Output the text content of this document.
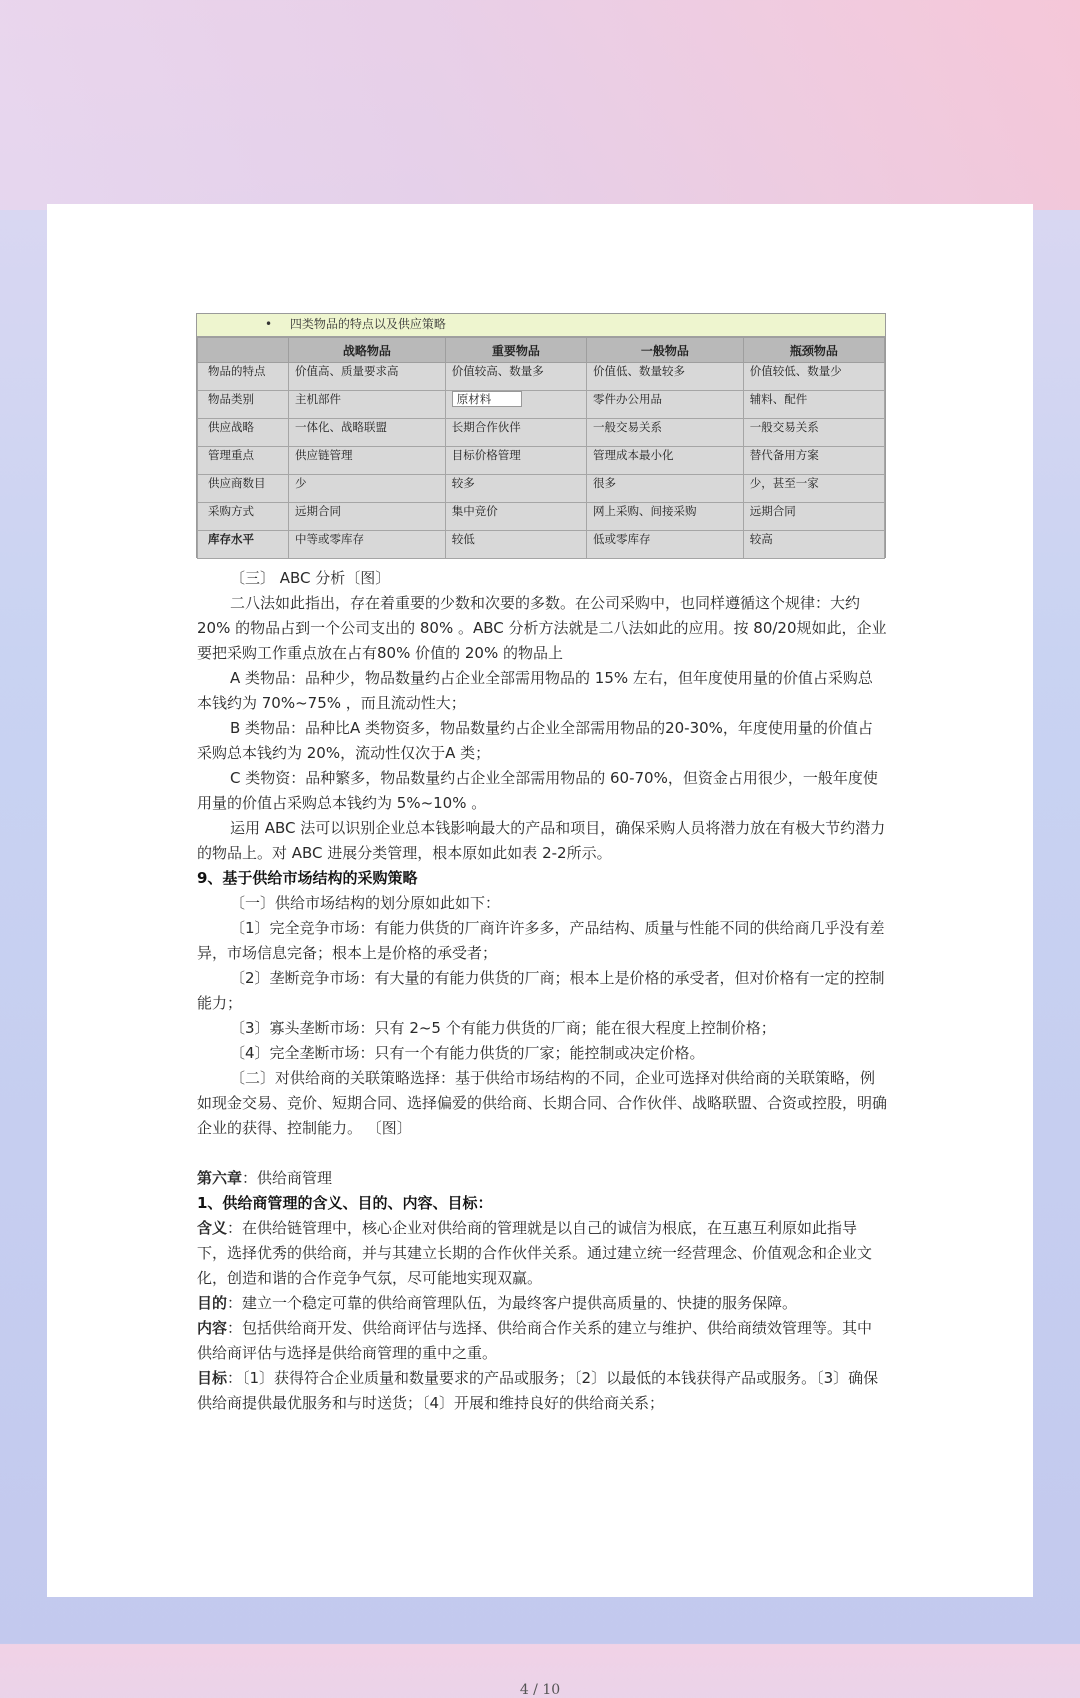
4 / 10
• 四类物品的特点以及供应策略
	战略物品	重要物品	一般物品	瓶颈物品
物品的特点	价值高、质量要求高	价值较高、数量多	价值低、数量较多	价值较低、数量少
物品类别	主机部件	原材料	零件办公用品	辅料、配件
供应战略	一体化、战略联盟	长期合作伙伴	一般交易关系	一般交易关系
管理重点	供应链管理	目标价格管理	管理成本最小化	替代备用方案
供应商数目	少	较多	很多	少，甚至一家
采购方式	远期合同	集中竞价	网上采购、间接采购	远期合同
库存水平	中等或零库存	较低	低或零库存	较高

〔三〕 ABC 分析〔图〕

二八法如此指出，存在着重要的少数和次要的多数。在公司采购中，也同样遵循这个规律：大约 20% 的物品占到一个公司支出的 80% 。ABC 分析方法就是二八法如此的应用。按 80/20规如此，企业要把采购工作重点放在占有80% 价值的 20% 的物品上

A 类物品：品种少，物品数量约占企业全部需用物品的 15% 左右，但年度使用量的价值占采购总本钱约为 70%~75% ，而且流动性大；

B 类物品：品种比A 类物资多，物品数量约占企业全部需用物品的20-30%，年度使用量的价值占采购总本钱约为 20%，流动性仅次于A 类；

C 类物资：品种繁多，物品数量约占企业全部需用物品的 60-70%，但资金占用很少，一般年度使用量的价值占采购总本钱约为 5%~10% 。

运用 ABC 法可以识别企业总本钱影响最大的产品和项目，确保采购人员将潜力放在有极大节约潜力的物品上。对 ABC 进展分类管理，根本原如此如表 2-2所示。

9、基于供给市场结构的采购策略

〔一〕供给市场结构的划分原如此如下：

〔1〕完全竞争市场：有能力供货的厂商许许多多，产品结构、质量与性能不同的供给商几乎没有差异，市场信息完备；根本上是价格的承受者；

〔2〕垄断竞争市场：有大量的有能力供货的厂商；根本上是价格的承受者，但对价格有一定的控制能力；

〔3〕寡头垄断市场：只有 2~5 个有能力供货的厂商；能在很大程度上控制价格；

〔4〕完全垄断市场：只有一个有能力供货的厂家；能控制或决定价格。

〔二〕对供给商的关联策略选择：基于供给市场结构的不同，企业可选择对供给商的关联策略，例如现金交易、竞价、短期合同、选择偏爱的供给商、长期合同、合作伙伴、战略联盟、合资或控股，明确企业的获得、控制能力。 〔图〕

第六章：供给商管理

1、供给商管理的含义、目的、内容、目标：

含义：在供给链管理中，核心企业对供给商的管理就是以自己的诚信为根底，在互惠互利原如此指导下，选择优秀的供给商，并与其建立长期的合作伙伴关系。通过建立统一经营理念、价值观念和企业文化，创造和谐的合作竞争气氛，尽可能地实现双赢。

目的：建立一个稳定可靠的供给商管理队伍，为最终客户提供高质量的、快捷的服务保障。

内容：包括供给商开发、供给商评估与选择、供给商合作关系的建立与维护、供给商绩效管理等。其中供给商评估与选择是供给商管理的重中之重。

目标：〔1〕获得符合企业质量和数量要求的产品或服务；〔2〕以最低的本钱获得产品或服务。〔3〕确保供给商提供最优服务和与时送货；〔4〕开展和维持良好的供给商关系；
